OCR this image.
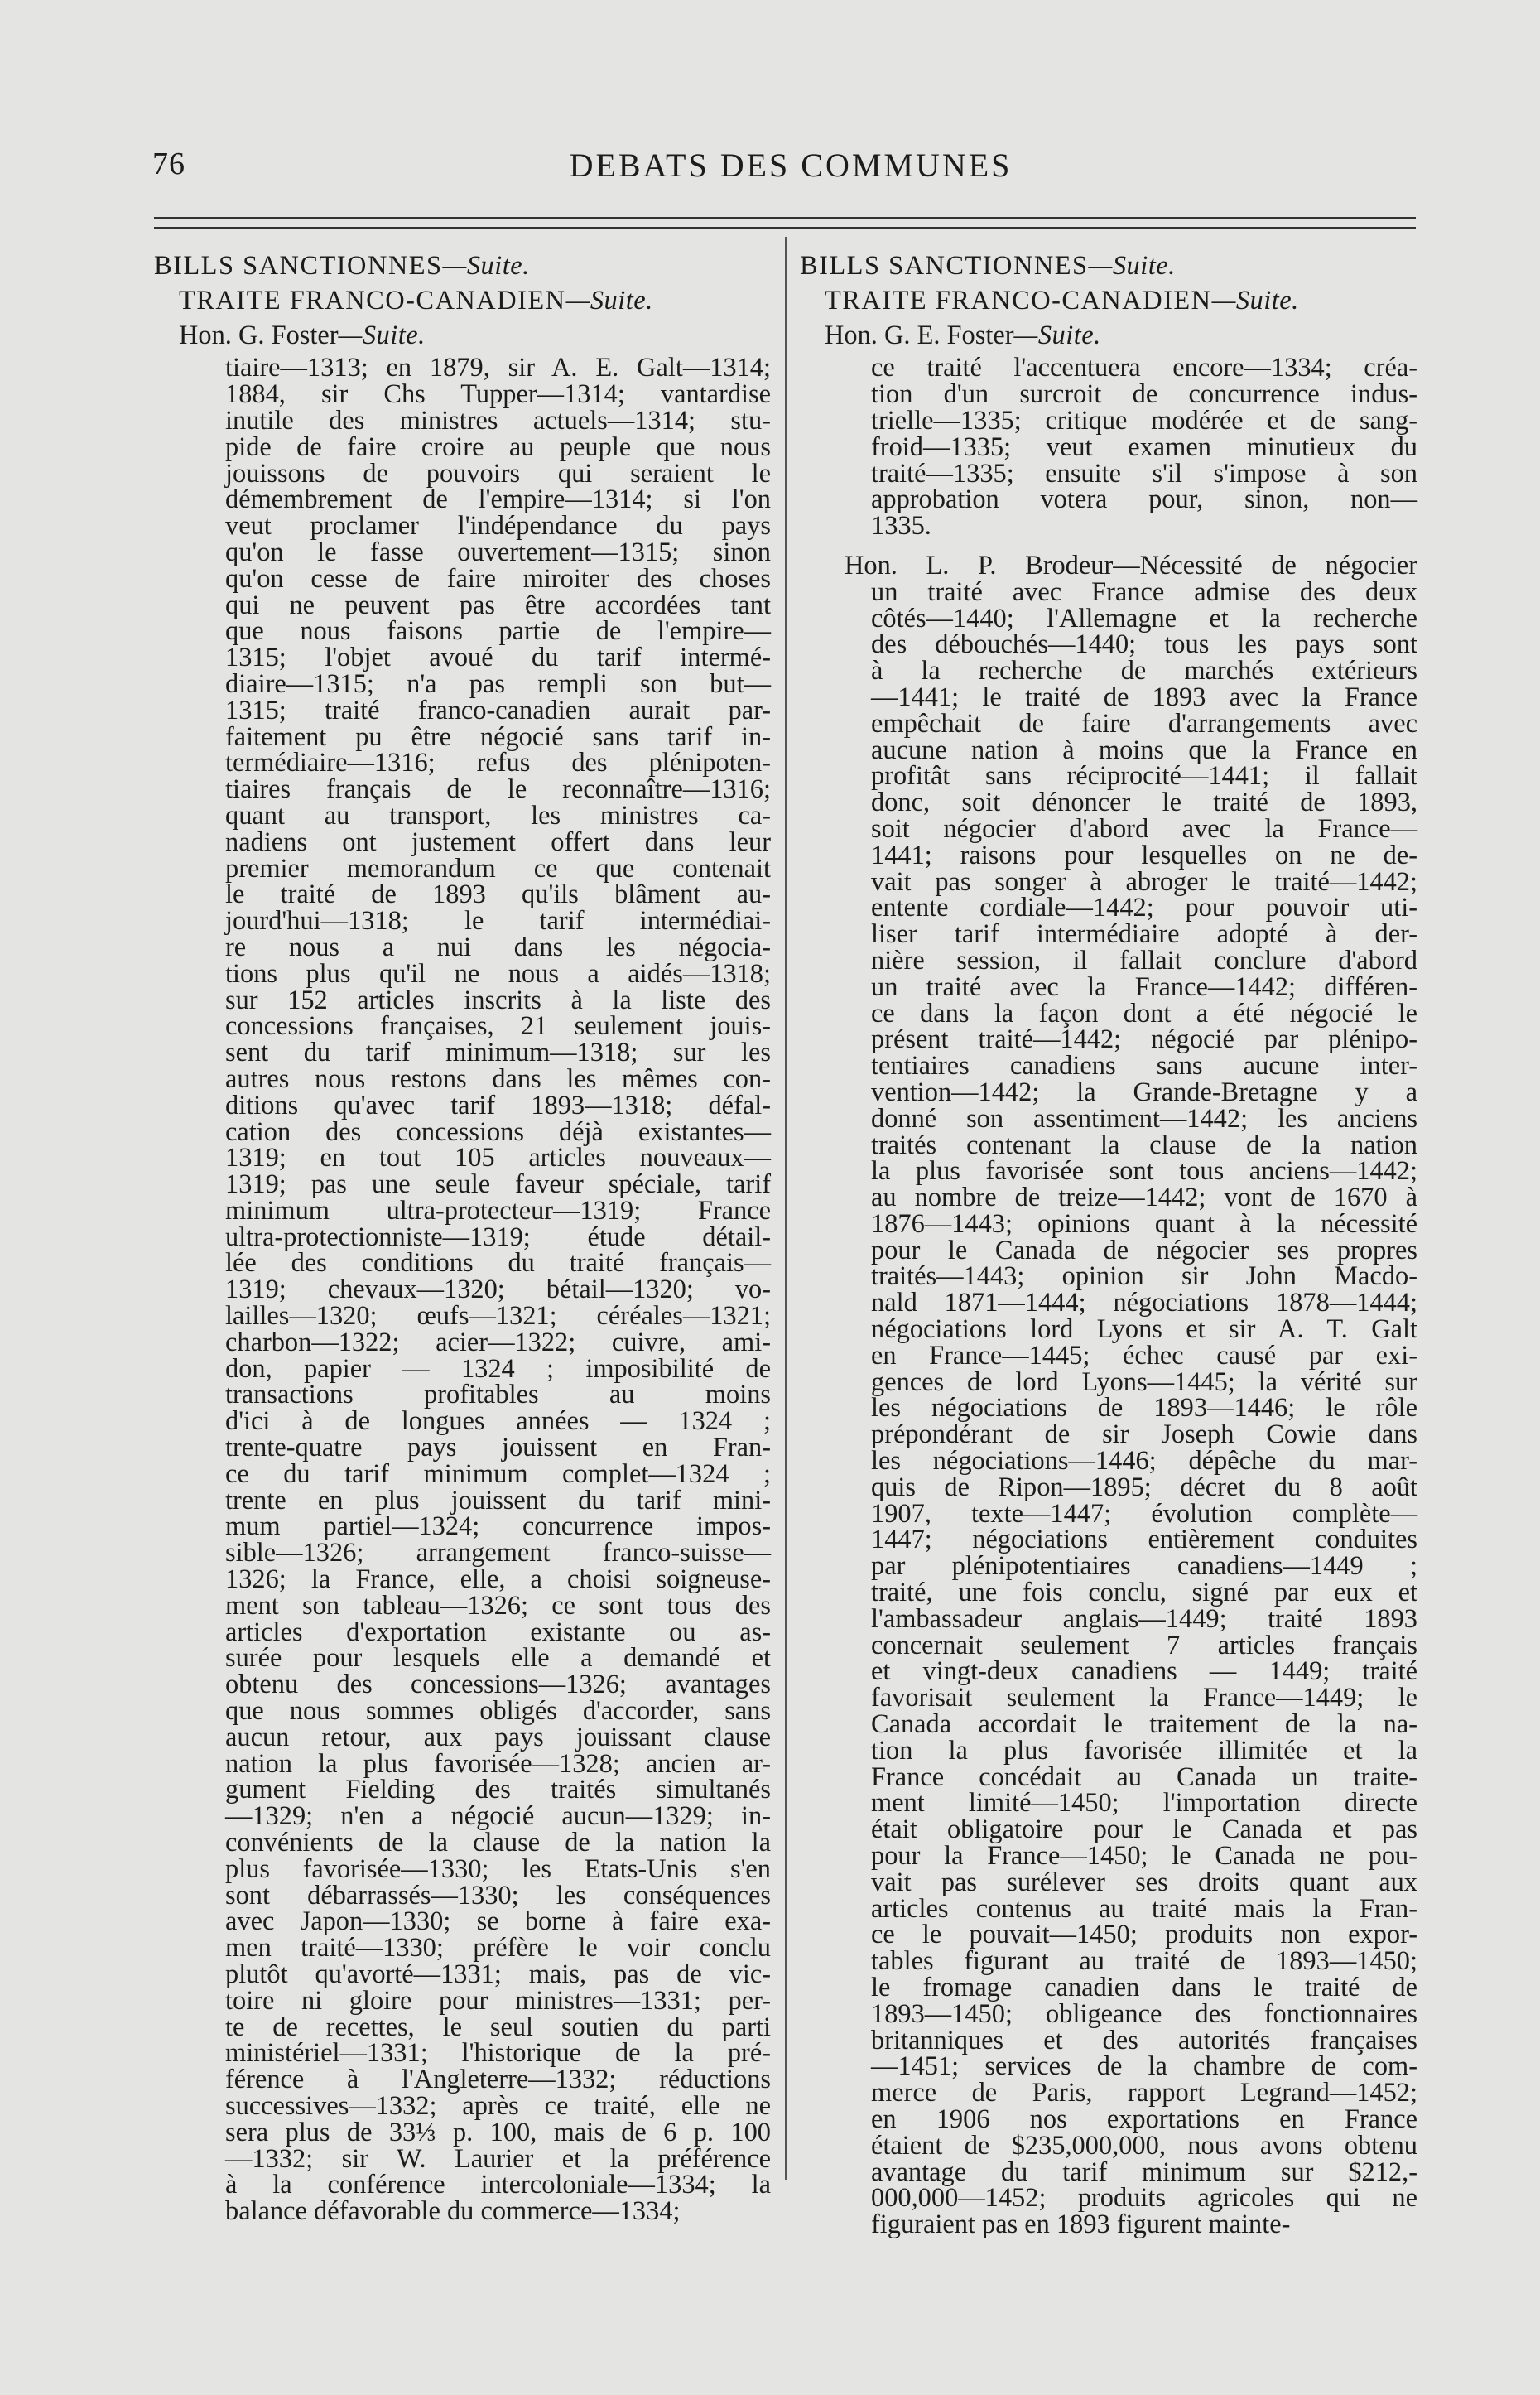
76	DEBATS DES COMMUNES
BILLS SANCTIONNES—Suite.
TRAITE FRANCO-CANADIEN—Suite.
Hon. G. Foster—Suite.
tiaire—1313; en 1879, sir A. E. Galt—1314;
1884, sir Chs Tupper—1314; vantardise
inutile des ministres actuels—1314; stu-
pide de faire croire au peuple que nous
jouissons de pouvoirs qui seraient le
démembrement de l'empire—1314; si l'on
veut proclamer l'indépendance du pays
qu'on le fasse ouvertement—1315; sinon
qu'on cesse de faire miroiter des choses
qui ne peuvent pas être accordées tant
que nous faisons partie de l'empire—
1315; l'objet avoué du tarif intermé-
diaire—1315; n'a pas rempli son but—
1315; traité franco-canadien aurait par-
faitement pu être négocié sans tarif in-
termédiaire—1316; refus des plénipoten-
tiaires français de le reconnaître—1316;
quant au transport, les ministres ca-
nadiens ont justement offert dans leur
premier memorandum ce que contenait
le traité de 1893 qu'ils blâment au-
jourd'hui—1318; le tarif intermédiai-
re nous a nui dans les négocia-
tions plus qu'il ne nous a aidés—1318;
sur 152 articles inscrits à la liste des
concessions françaises, 21 seulement jouis-
sent du tarif minimum—1318; sur les
autres nous restons dans les mêmes con-
ditions qu'avec tarif 1893—1318; défal-
cation des concessions déjà existantes—
1319; en tout 105 articles nouveaux—
1319; pas une seule faveur spéciale, tarif
minimum ultra-protecteur—1319; France
ultra-protectionniste—1319; étude détail-
lée des conditions du traité français—
1319; chevaux—1320; bétail—1320; vo-
lailles—1320; œufs—1321; céréales—1321;
charbon—1322; acier—1322; cuivre, ami-
don, papier — 1324 ; imposibilité de
transactions profitables au moins
d'ici à de longues années — 1324 ;
trente-quatre pays jouissent en Fran-
ce du tarif minimum complet—1324 ;
trente en plus jouissent du tarif mini-
mum partiel—1324; concurrence impos-
sible—1326; arrangement franco-suisse—
1326; la France, elle, a choisi soigneuse-
ment son tableau—1326; ce sont tous des
articles d'exportation existante ou as-
surée pour lesquels elle a demandé et
obtenu des concessions—1326; avantages
que nous sommes obligés d'accorder, sans
aucun retour, aux pays jouissant clause
nation la plus favorisée—1328; ancien ar-
gument Fielding des traités simultanés
—1329; n'en a négocié aucun—1329; in-
convénients de la clause de la nation la
plus favorisée—1330; les Etats-Unis s'en
sont débarrassés—1330; les conséquences
avec Japon—1330; se borne à faire exa-
men traité—1330; préfère le voir conclu
plutôt qu'avorté—1331; mais, pas de vic-
toire ni gloire pour ministres—1331; per-
te de recettes, le seul soutien du parti
ministériel—1331; l'historique de la pré-
férence à l'Angleterre—1332; réductions
successives—1332; après ce traité, elle ne
sera plus de 33⅓ p. 100, mais de 6 p. 100
—1332; sir W. Laurier et la préférence
à la conférence intercoloniale—1334; la
balance défavorable du commerce—1334;
BILLS SANCTIONNES—Suite.
TRAITE FRANCO-CANADIEN—Suite.
Hon. G. E. Foster—Suite.
ce traité l'accentuera encore—1334; créa-
tion d'un surcroit de concurrence indus-
trielle—1335; critique modérée et de sang-
froid—1335; veut examen minutieux du
traité—1335; ensuite s'il s'impose à son
approbation votera pour, sinon, non—
1335.
Hon. L. P. Brodeur—Nécessité de négocier
un traité avec France admise des deux
côtés—1440; l'Allemagne et la recherche
des débouchés—1440; tous les pays sont
à la recherche de marchés extérieurs
—1441; le traité de 1893 avec la France
empêchait de faire d'arrangements avec
aucune nation à moins que la France en
profitât sans réciprocité—1441; il fallait
donc, soit dénoncer le traité de 1893,
soit négocier d'abord avec la France—
1441; raisons pour lesquelles on ne de-
vait pas songer à abroger le traité—1442;
entente cordiale—1442; pour pouvoir uti-
liser tarif intermédiaire adopté à der-
nière session, il fallait conclure d'abord
un traité avec la France—1442; différen-
ce dans la façon dont a été négocié le
présent traité—1442; négocié par plénipo-
tentiaires canadiens sans aucune inter-
vention—1442; la Grande-Bretagne y a
donné son assentiment—1442; les anciens
traités contenant la clause de la nation
la plus favorisée sont tous anciens—1442;
au nombre de treize—1442; vont de 1670 à
1876—1443; opinions quant à la nécessité
pour le Canada de négocier ses propres
traités—1443; opinion sir John Macdo-
nald 1871—1444; négociations 1878—1444;
négociations lord Lyons et sir A. T. Galt
en France—1445; échec causé par exi-
gences de lord Lyons—1445; la vérité sur
les négociations de 1893—1446; le rôle
prépondérant de sir Joseph Cowie dans
les négociations—1446; dépêche du mar-
quis de Ripon—1895; décret du 8 août
1907, texte—1447; évolution complète—
1447; négociations entièrement conduites
par plénipotentiaires canadiens—1449 ;
traité, une fois conclu, signé par eux et
l'ambassadeur anglais—1449; traité 1893
concernait seulement 7 articles français
et vingt-deux canadiens — 1449; traité
favorisait seulement la France—1449; le
Canada accordait le traitement de la na-
tion la plus favorisée illimitée et la
France concédait au Canada un traite-
ment limité—1450; l'importation directe
était obligatoire pour le Canada et pas
pour la France—1450; le Canada ne pou-
vait pas surélever ses droits quant aux
articles contenus au traité mais la Fran-
ce le pouvait—1450; produits non expor-
tables figurant au traité de 1893—1450;
le fromage canadien dans le traité de
1893—1450; obligeance des fonctionnaires
britanniques et des autorités françaises
—1451; services de la chambre de com-
merce de Paris, rapport Legrand—1452;
en 1906 nos exportations en France
étaient de $235,000,000, nous avons obtenu
avantage du tarif minimum sur $212,-
000,000—1452; produits agricoles qui ne
figuraient pas en 1893 figurent mainte-
